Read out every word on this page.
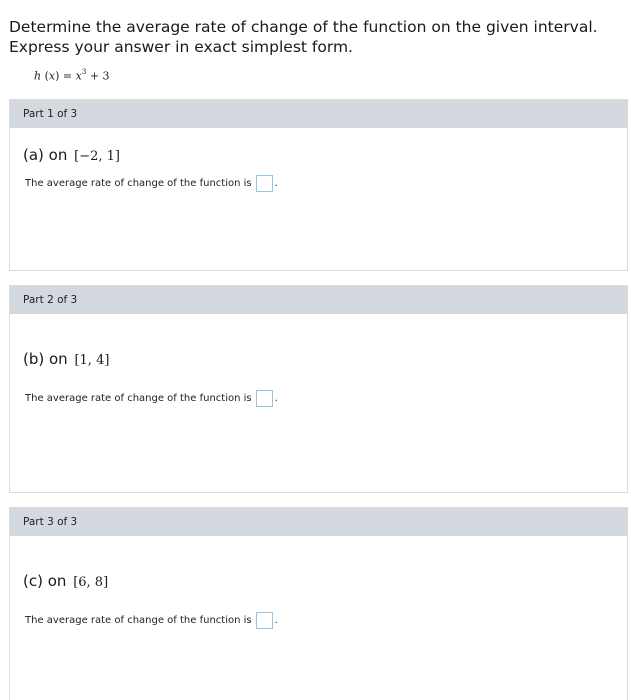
Determine the average rate of change of the function on the given interval.
Express your answer in exact simplest form.
h $(x) = x^3 + 3$
Part 1 of 3
(a) on [−2, 1]
The average rate of change of the function is .
Part 2 of 3
(b) on [1, 4]
The average rate of change of the function is .
Part 3 of 3
(c) on [6, 8]
The average rate of change of the function is .
